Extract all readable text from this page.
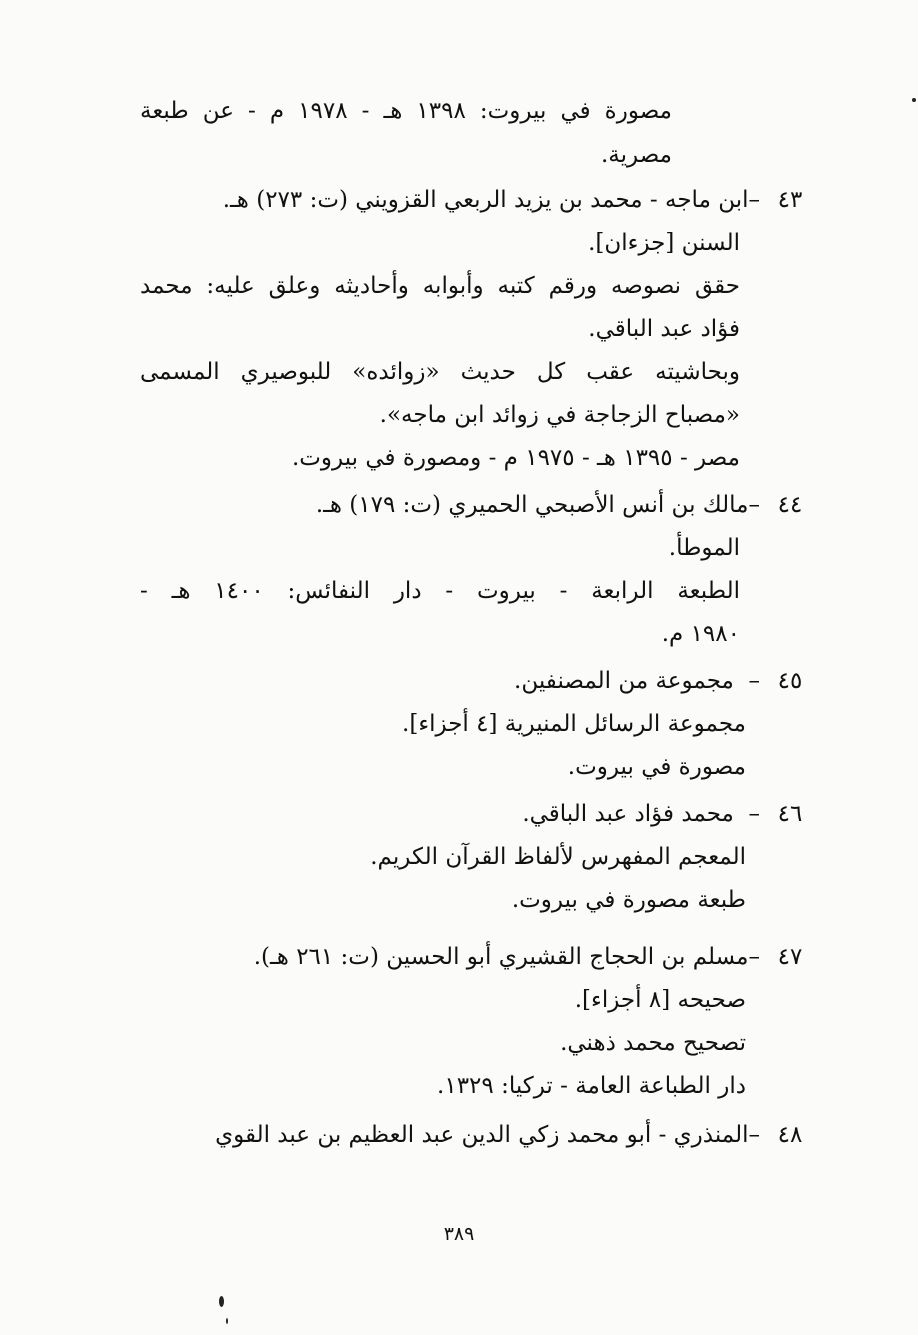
مصورة في بيروت: ١٣٩٨ هـ - ١٩٧٨ م - عن طبعة
مصرية.
٤٣
–ابن ماجه - محمد بن يزيد الربعي القزويني (ت: ٢٧٣) هـ.
السنن [جزءان].
حقق نصوصه ورقم كتبه وأبوابه وأحاديثه وعلق عليه: محمد
فؤاد عبد الباقي.
وبحاشيته عقب كل حديث «زوائده» للبوصيري المسمى
«مصباح الزجاجة في زوائد ابن ماجه».
مصر - ١٣٩٥ هـ - ١٩٧٥ م - ومصورة في بيروت.
٤٤
–مالك بن أنس الأصبحي الحميري (ت: ١٧٩) هـ.
الموطأ.
الطبعة الرابعة - بيروت - دار النفائس: ١٤٠٠ هـ -
١٩٨٠ م.
٤٥
–  مجموعة من المصنفين.
مجموعة الرسائل المنيرية [٤ أجزاء].
مصورة في بيروت.
٤٦
–  محمد فؤاد عبد الباقي.
المعجم المفهرس لألفاظ القرآن الكريم.
طبعة مصورة في بيروت.
٤٧
–مسلم بن الحجاج القشيري أبو الحسين (ت: ٢٦١ هـ).
صحيحه [٨ أجزاء].
تصحيح محمد ذهني.
دار الطباعة العامة - تركيا: ١٣٢٩.
٤٨
–المنذري - أبو محمد زكي الدين عبد العظيم بن عبد القوي
٣٨٩
